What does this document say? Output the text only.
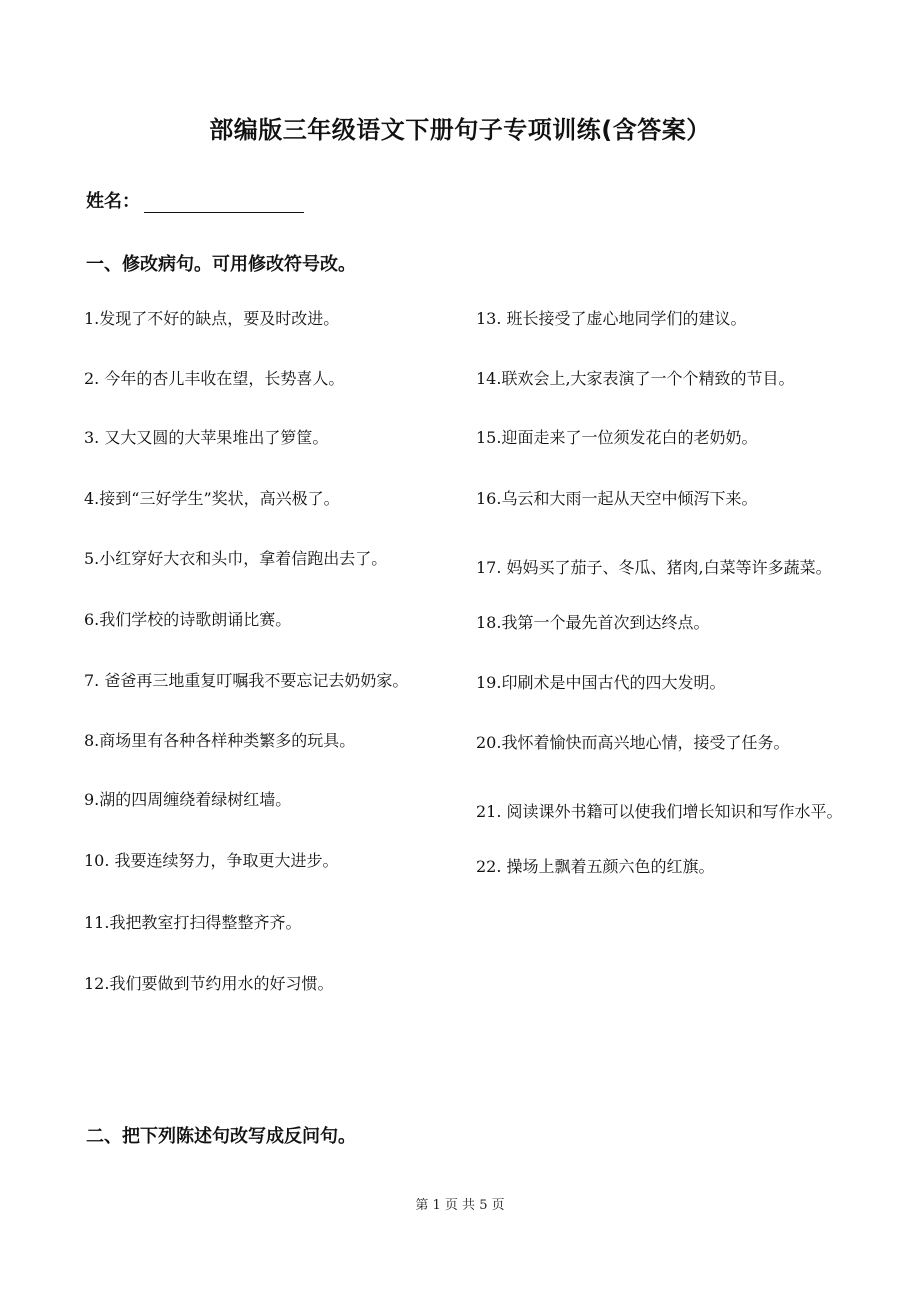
部编版三年级语文下册句子专项训练(含答案）
姓名：
一、修改病句。可用修改符号改。

1.发现了不好的缺点，要及时改进。

2. 今年的杏儿丰收在望，长势喜人。

3. 又大又圆的大苹果堆出了箩筐。

4.接到“三好学生”奖状，高兴极了。

5.小红穿好大衣和头巾，拿着信跑出去了。

6.我们学校的诗歌朗诵比赛。

7. 爸爸再三地重复叮嘱我不要忘记去奶奶家。

8.商场里有各种各样种类繁多的玩具。

9.湖的四周缠绕着绿树红墙。

10. 我要连续努力，争取更大进步。

11.我把教室打扫得整整齐齐。

12.我们要做到节约用水的好习惯。

13. 班长接受了虚心地同学们的建议。

14.联欢会上,大家表演了一个个精致的节目。

15.迎面走来了一位须发花白的老奶奶。

16.乌云和大雨一起从天空中倾泻下来。

17. 妈妈买了茄子、冬瓜、猪肉,白菜等许多蔬菜。

18.我第一个最先首次到达终点。

19.印刷术是中国古代的四大发明。

20.我怀着愉快而高兴地心情，接受了任务。

21. 阅读课外书籍可以使我们增长知识和写作水平。

22. 操场上飘着五颜六色的红旗。

二、把下列陈述句改写成反问句。
第 1 页 共 5 页
